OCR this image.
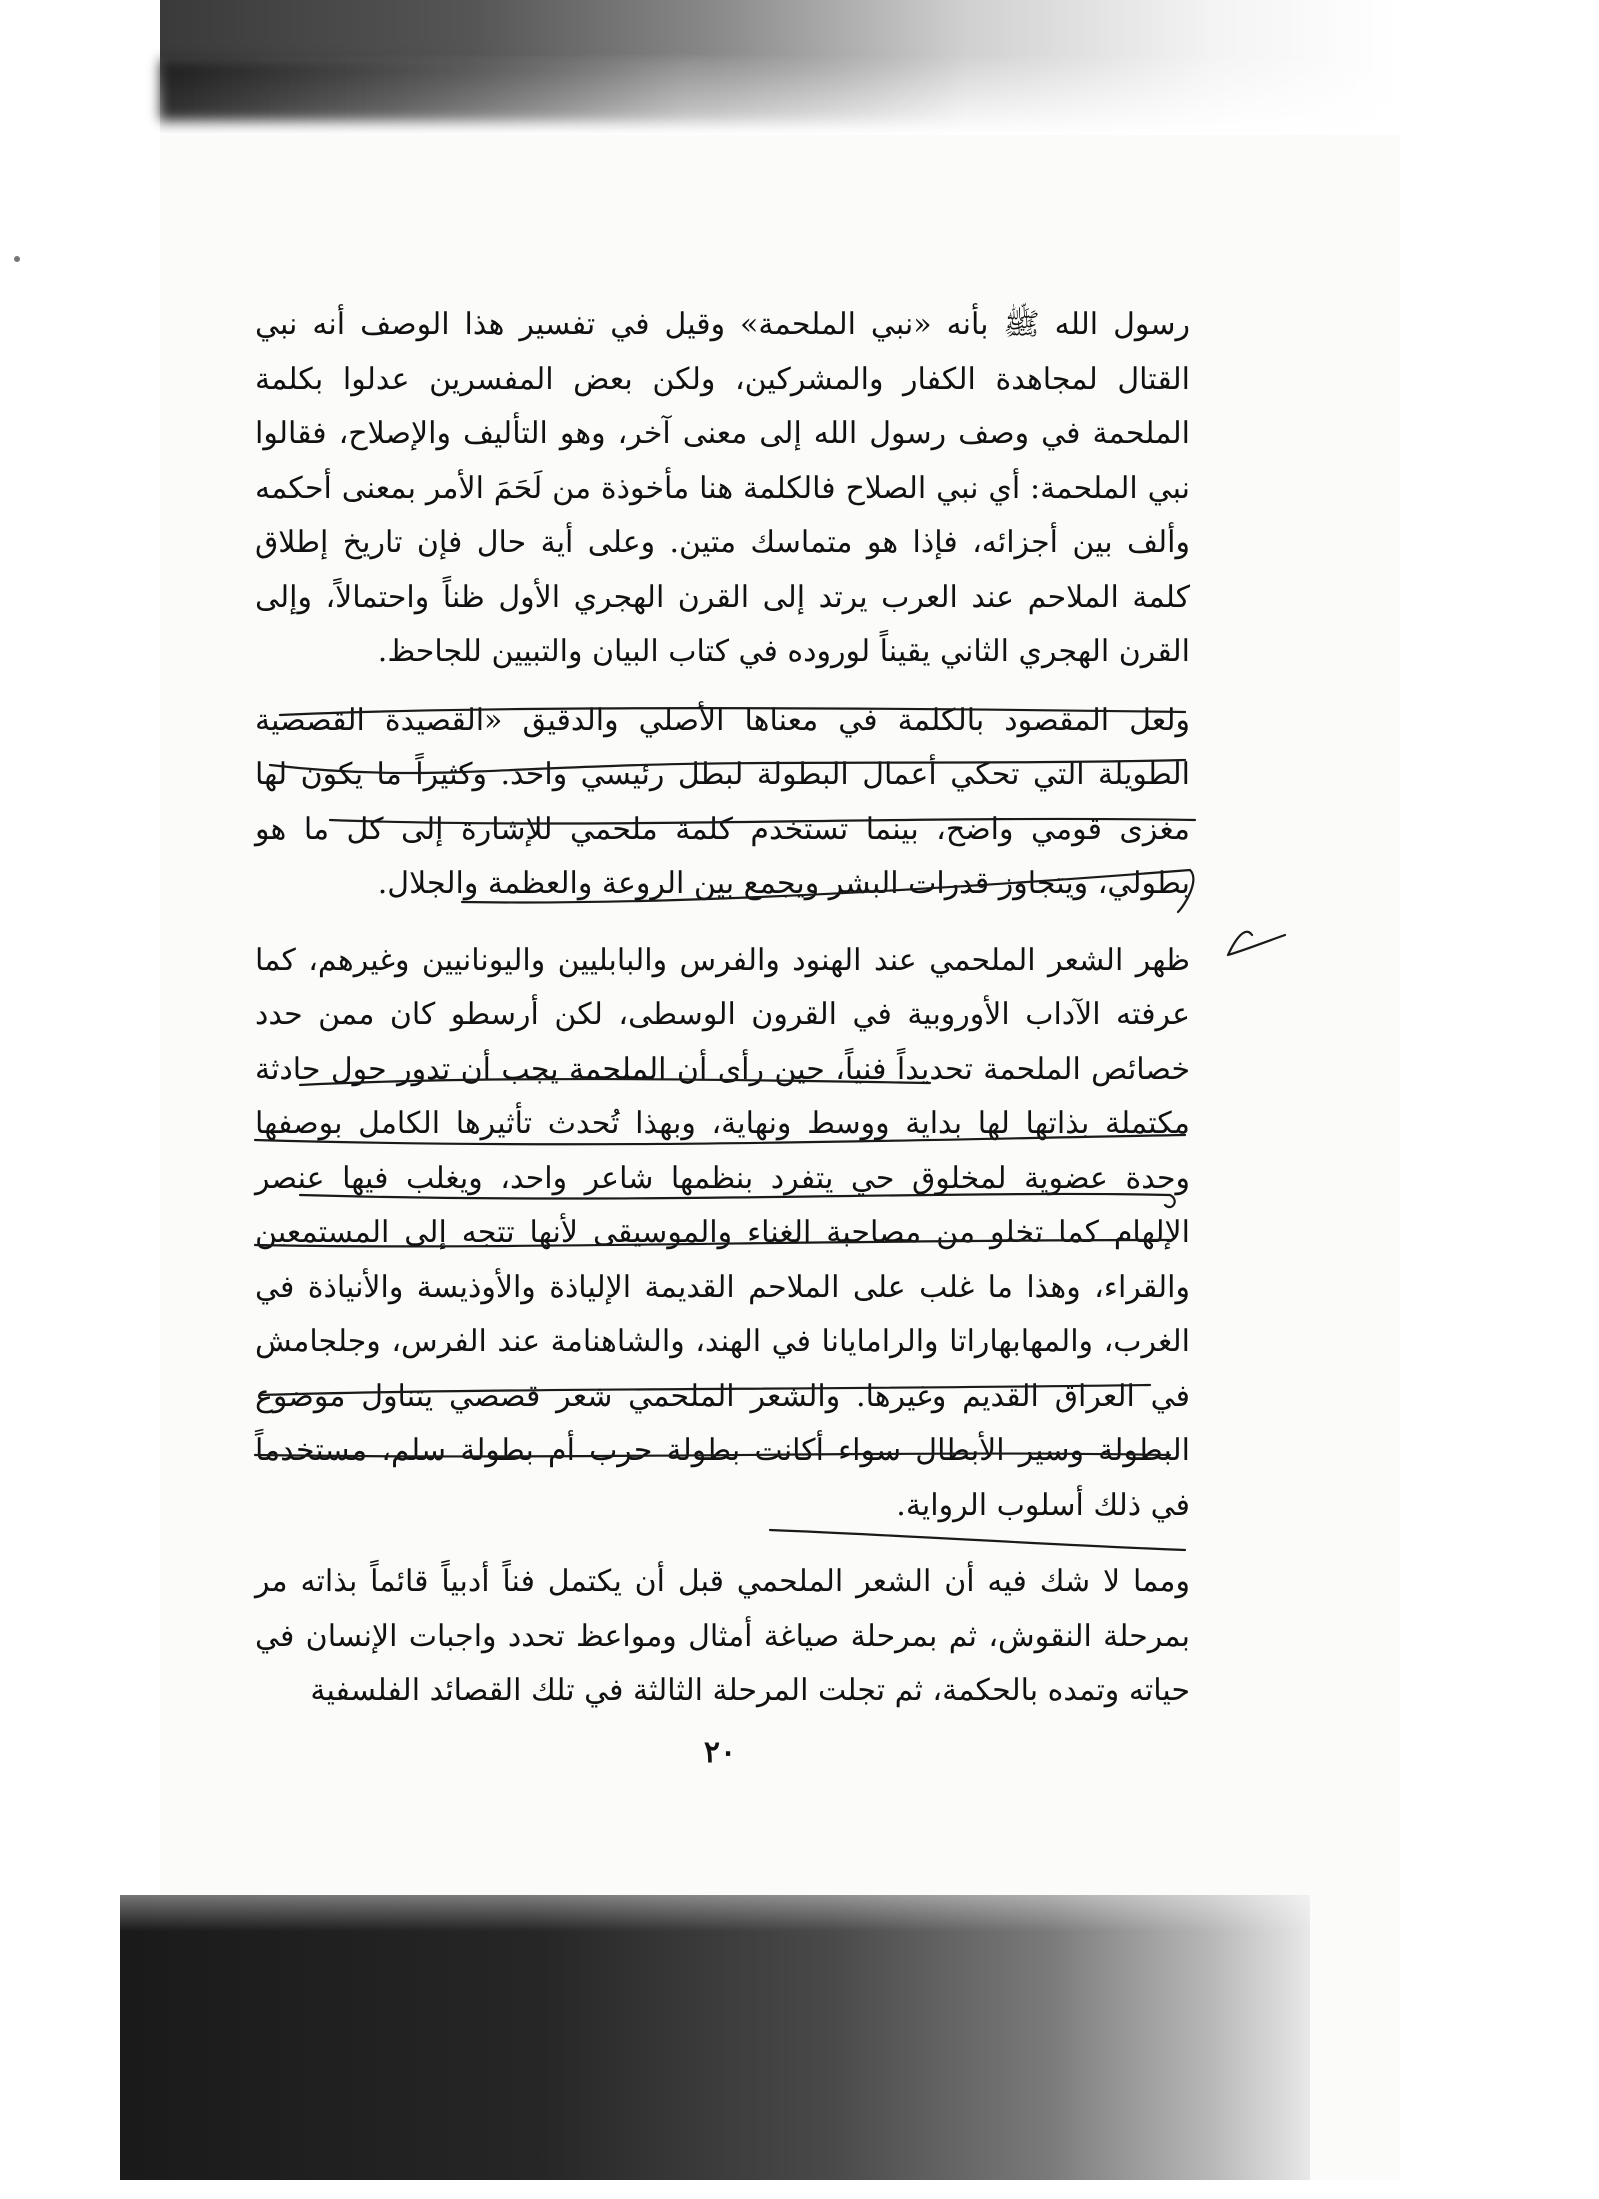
رسول الله ﷺ بأنه «نبي الملحمة» وقيل في تفسير هذا الوصف أنه نبي القتال لمجاهدة الكفار والمشركين، ولكن بعض المفسرين عدلوا بكلمة الملحمة في وصف رسول الله إلى معنى آخر، وهو التأليف والإصلاح، فقالوا نبي الملحمة: أي نبي الصلاح فالكلمة هنا مأخوذة من لَحَمَ الأمر بمعنى أحكمه وألف بين أجزائه، فإذا هو متماسك متين. وعلى أية حال فإن تاريخ إطلاق كلمة الملاحم عند العرب يرتد إلى القرن الهجري الأول ظناً واحتمالاً، وإلى القرن الهجري الثاني يقيناً لوروده في كتاب البيان والتبيين للجاحظ.

ولعل المقصود بالكلمة في معناها الأصلي والدقيق «القصيدة القصصية الطويلة التي تحكي أعمال البطولة لبطل رئيسي واحد. وكثيراً ما يكون لها مغزى قومي واضح، بينما تستخدم كلمة ملحمي للإشارة إلى كل ما هو بطولي، ويتجاوز قدرات البشر ويجمع بين الروعة والعظمة والجلال.

ظهر الشعر الملحمي عند الهنود والفرس والبابليين واليونانيين وغيرهم، كما عرفته الآداب الأوروبية في القرون الوسطى، لكن أرسطو كان ممن حدد خصائص الملحمة تحديداً فنياً، حين رأى أن الملحمة يجب أن تدور حول حادثة مكتملة بذاتها لها بداية ووسط ونهاية، وبهذا تُحدث تأثيرها الكامل بوصفها وحدة عضوية لمخلوق حي يتفرد بنظمها شاعر واحد، ويغلب فيها عنصر الإلهام كما تخلو من مصاحبة الغناء والموسيقى لأنها تتجه إلى المستمعين والقراء، وهذا ما غلب على الملاحم القديمة الإلياذة والأوذيسة والأنياذة في الغرب، والمهابهاراتا والرامايانا في الهند، والشاهنامة عند الفرس، وجلجامش في العراق القديم وغيرها. والشعر الملحمي شعر قصصي يتناول موضوع البطولة وسير الأبطال سواء أكانت بطولة حرب أم بطولة سلم، مستخدماً في ذلك أسلوب الرواية.

ومما لا شك فيه أن الشعر الملحمي قبل أن يكتمل فناً أدبياً قائماً بذاته مر بمرحلة النقوش، ثم بمرحلة صياغة أمثال ومواعظ تحدد واجبات الإنسان في حياته وتمده بالحكمة، ثم تجلت المرحلة الثالثة في تلك القصائد الفلسفية

٢٠
